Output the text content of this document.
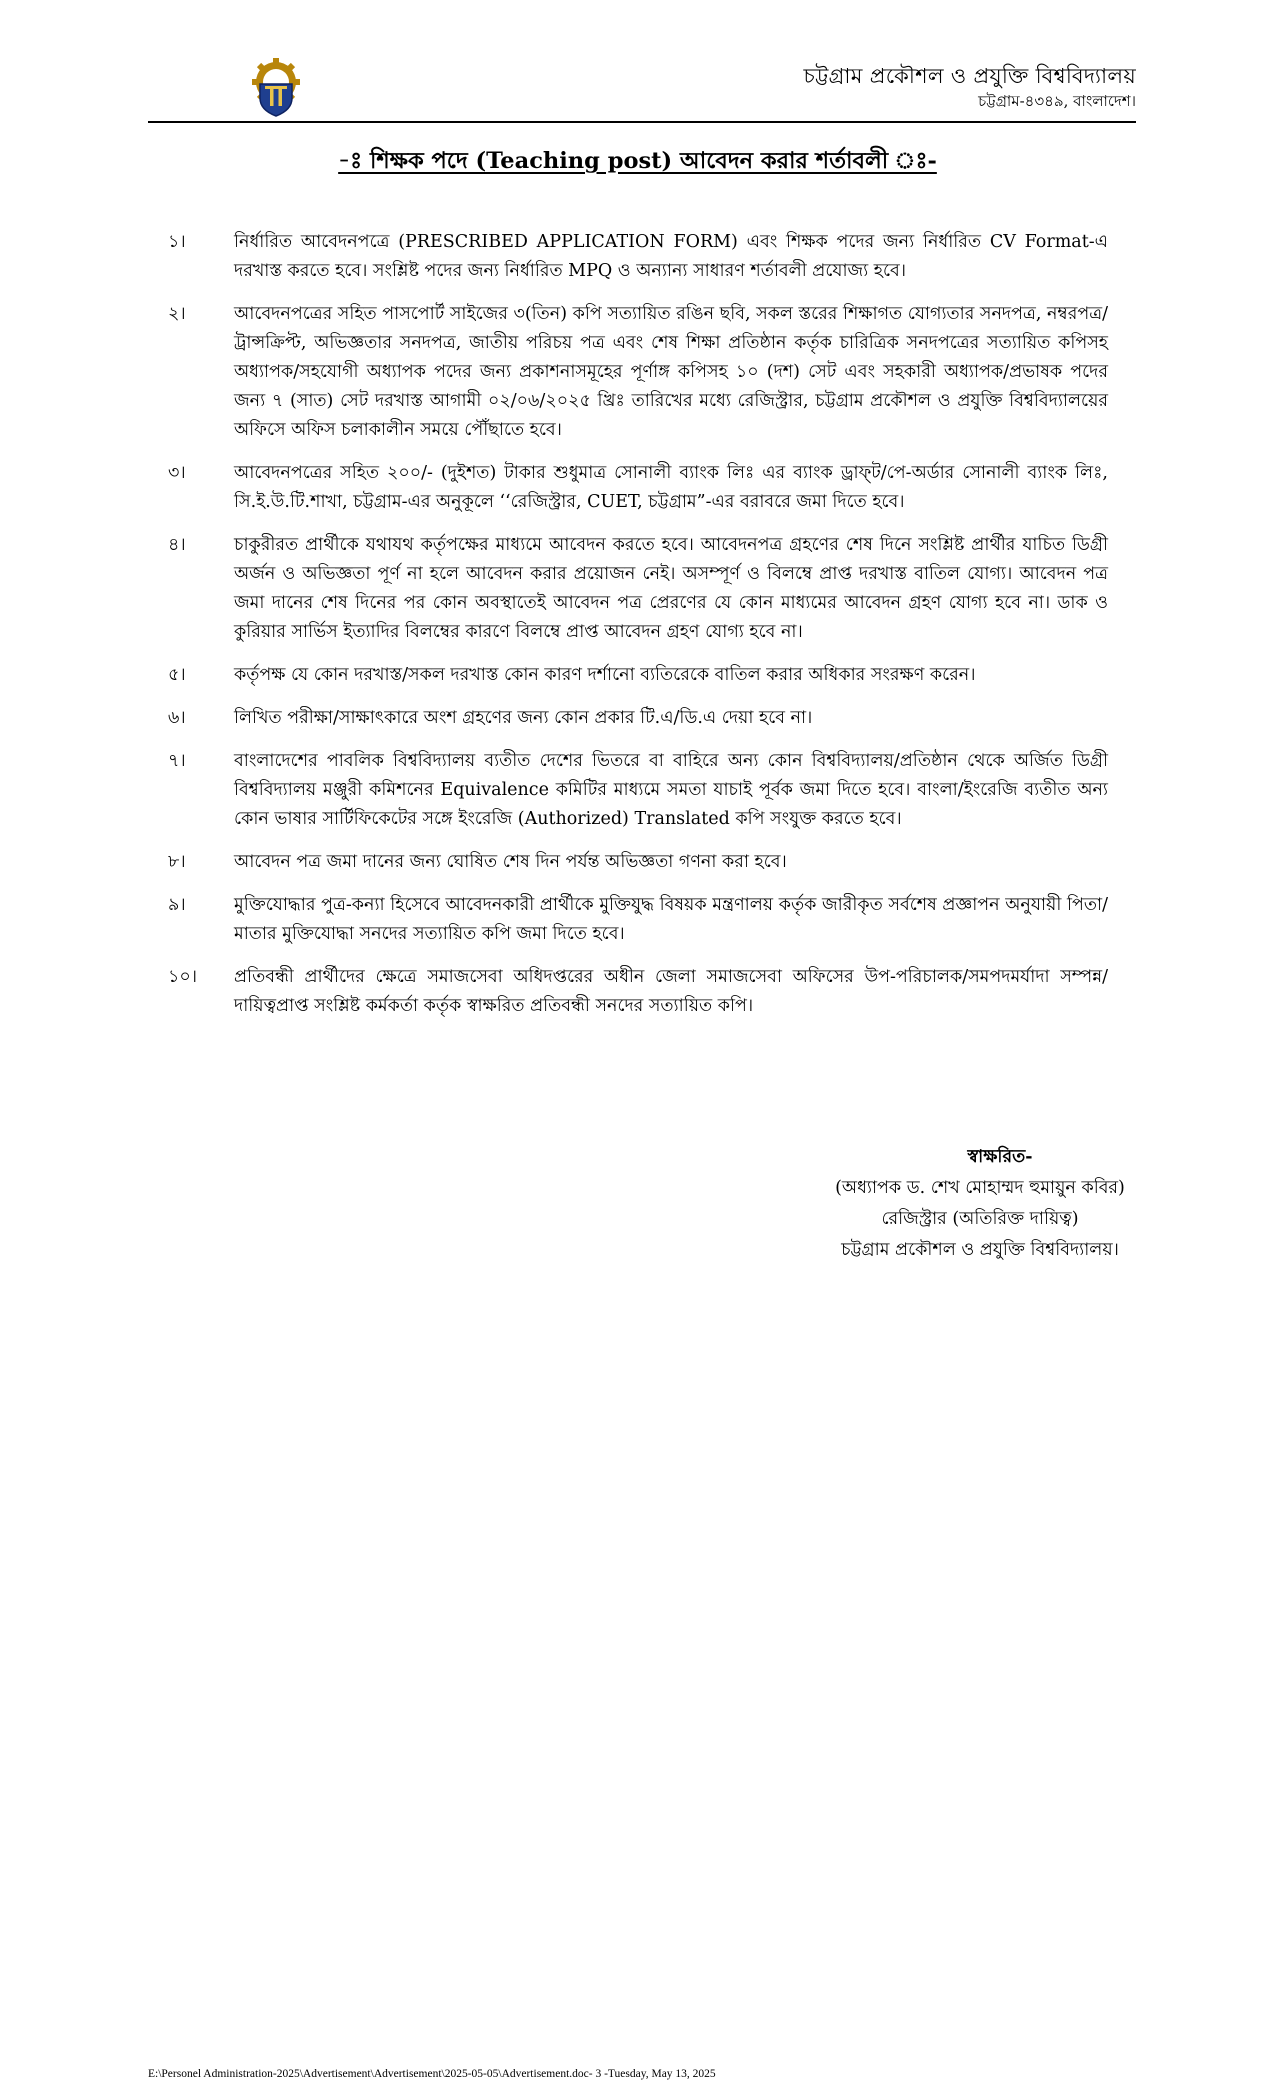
চট্টগ্রাম প্রকৌশল ও প্রযুক্তি বিশ্ববিদ্যালয়
চট্টগ্রাম-৪৩৪৯, বাংলাদেশ।
-ঃ শিক্ষক পদে (Teaching post) আবেদন করার শর্তাবলী ঃ-
১।	নির্ধারিত আবেদনপত্রে (PRESCRIBED APPLICATION FORM) এবং শিক্ষক পদের জন্য নির্ধারিত CV Format-এ দরখাস্ত করতে হবে। সংশ্লিষ্ট পদের জন্য নির্ধারিত MPQ ও অন্যান্য সাধারণ শর্তাবলী প্রযোজ্য হবে।
২।	আবেদনপত্রের সহিত পাসপোর্ট সাইজের ৩(তিন) কপি সত্যায়িত রঙিন ছবি, সকল স্তরের শিক্ষাগত যোগ্যতার সনদপত্র, নম্বরপত্র/ট্রান্সক্রিপ্ট, অভিজ্ঞতার সনদপত্র, জাতীয় পরিচয় পত্র এবং শেষ শিক্ষা প্রতিষ্ঠান কর্তৃক চারিত্রিক সনদপত্রের সত্যায়িত কপিসহ অধ্যাপক/সহযোগী অধ্যাপক পদের জন্য প্রকাশনাসমূহের পূর্ণাঙ্গ কপিসহ ১০ (দশ) সেট এবং সহকারী অধ্যাপক/প্রভাষক পদের জন্য ৭ (সাত) সেট দরখাস্ত আগামী ০২/০৬/২০২৫ খ্রিঃ তারিখের মধ্যে রেজিস্ট্রার, চট্টগ্রাম প্রকৌশল ও প্রযুক্তি বিশ্ববিদ্যালয়ের অফিসে অফিস চলাকালীন সময়ে পৌঁছাতে হবে।
৩।	আবেদনপত্রের সহিত ২০০/- (দুইশত) টাকার শুধুমাত্র সোনালী ব্যাংক লিঃ এর ব্যাংক ড্রাফ্‌ট/পে-অর্ডার সোনালী ব্যাংক লিঃ, সি.ই.উ.টি.শাখা, চট্টগ্রাম-এর অনুকূলে ‘‘রেজিস্ট্রার, CUET, চট্টগ্রাম”-এর বরাবরে জমা দিতে হবে।
৪।	চাকুরীরত প্রার্থীকে যথাযথ কর্তৃপক্ষের মাধ্যমে আবেদন করতে হবে। আবেদনপত্র গ্রহণের শেষ দিনে সংশ্লিষ্ট প্রার্থীর যাচিত ডিগ্রী অর্জন ও অভিজ্ঞতা পূর্ণ না হলে আবেদন করার প্রয়োজন নেই। অসম্পূর্ণ ও বিলম্বে প্রাপ্ত দরখাস্ত বাতিল যোগ্য। আবেদন পত্র জমা দানের শেষ দিনের পর কোন অবস্থাতেই আবেদন পত্র প্রেরণের যে কোন মাধ্যমের আবেদন গ্রহণ যোগ্য হবে না। ডাক ও কুরিয়ার সার্ভিস ইত্যাদির বিলম্বের কারণে বিলম্বে প্রাপ্ত আবেদন গ্রহণ যোগ্য হবে না।
৫।	কর্তৃপক্ষ যে কোন দরখাস্ত/সকল দরখাস্ত কোন কারণ দর্শানো ব্যতিরেকে বাতিল করার অধিকার সংরক্ষণ করেন।
৬।	লিখিত পরীক্ষা/সাক্ষাৎকারে অংশ গ্রহণের জন্য কোন প্রকার টি.এ/ডি.এ দেয়া হবে না।
৭।	বাংলাদেশের পাবলিক বিশ্ববিদ্যালয় ব্যতীত দেশের ভিতরে বা বাহিরে অন্য কোন বিশ্ববিদ্যালয়/প্রতিষ্ঠান থেকে অর্জিত ডিগ্রী বিশ্ববিদ্যালয় মঞ্জুরী কমিশনের Equivalence কমিটির মাধ্যমে সমতা যাচাই পূর্বক জমা দিতে হবে। বাংলা/ইংরেজি ব্যতীত অন্য কোন ভাষার সার্টিফিকেটের সঙ্গে ইংরেজি (Authorized) Translated কপি সংযুক্ত করতে হবে।
৮।	আবেদন পত্র জমা দানের জন্য ঘোষিত শেষ দিন পর্যন্ত অভিজ্ঞতা গণনা করা হবে।
৯।	মুক্তিযোদ্ধার পুত্র-কন্যা হিসেবে আবেদনকারী প্রার্থীকে মুক্তিযুদ্ধ বিষয়ক মন্ত্রণালয় কর্তৃক জারীকৃত সর্বশেষ প্রজ্ঞাপন অনুযায়ী পিতা/মাতার মুক্তিযোদ্ধা সনদের সত্যায়িত কপি জমা দিতে হবে।
১০।	প্রতিবন্ধী প্রার্থীদের ক্ষেত্রে সমাজসেবা অধিদপ্তরের অধীন জেলা সমাজসেবা অফিসের উপ-পরিচালক/সমপদমর্যাদা সম্পন্ন/ দায়িত্বপ্রাপ্ত সংশ্লিষ্ট কর্মকর্তা কর্তৃক স্বাক্ষরিত প্রতিবন্ধী সনদের সত্যায়িত কপি।
স্বাক্ষরিত-
(অধ্যাপক ড. শেখ মোহাম্মদ হুমায়ুন কবির)
রেজিস্ট্রার (অতিরিক্ত দায়িত্ব)
চট্টগ্রাম প্রকৌশল ও প্রযুক্তি বিশ্ববিদ্যালয়।
E:\Personel Administration-2025\Advertisement\Advertisement\2025-05-05\Advertisement.doc- 3 -Tuesday, May 13, 2025
